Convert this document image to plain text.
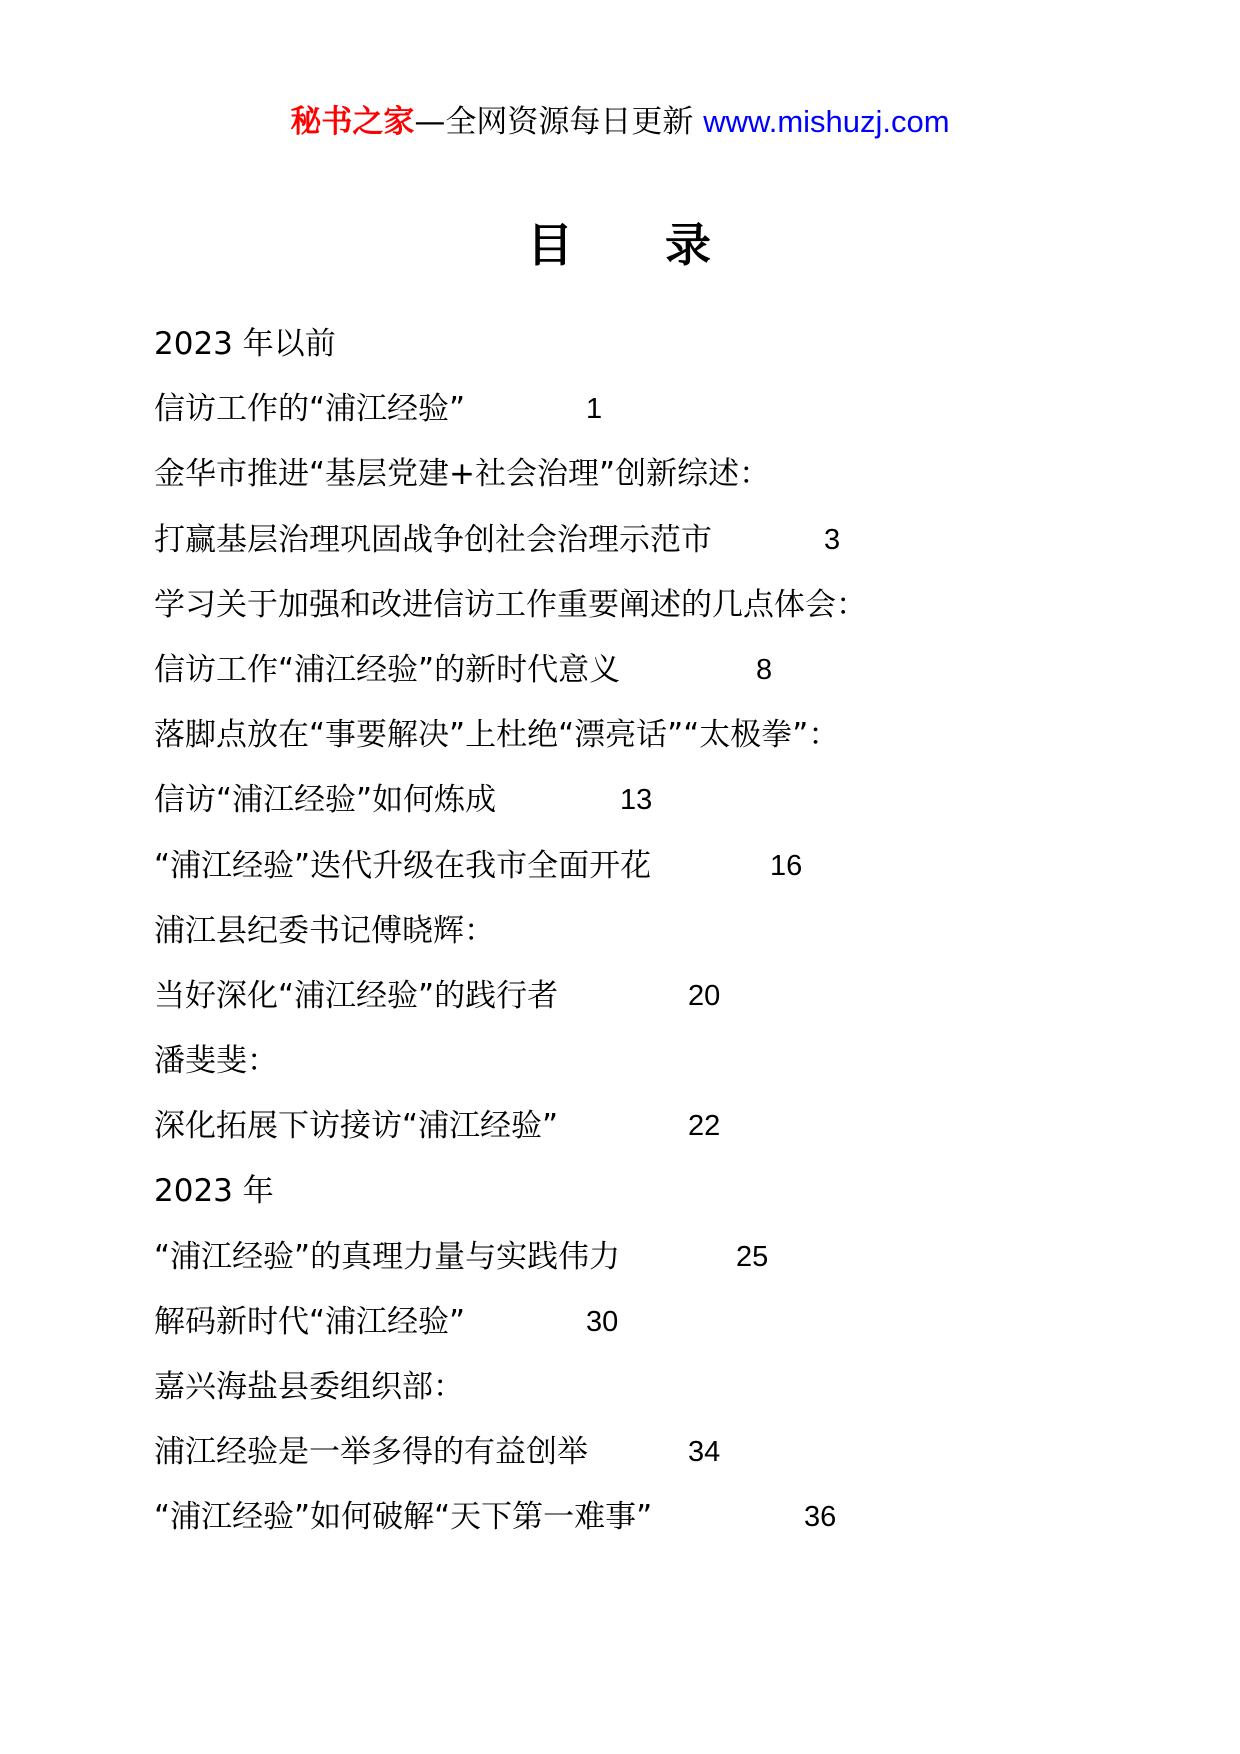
秘书之家—全网资源每日更新 www.mishuzj.com
目 录
2023 年以前
信访工作的“浦江经验”	1
金华市推进“基层党建+社会治理”创新综述：
打赢基层治理巩固战争创社会治理示范市	3
学习关于加强和改进信访工作重要阐述的几点体会：
信访工作“浦江经验”的新时代意义	8
落脚点放在“事要解决”上杜绝“漂亮话”“太极拳”：
信访“浦江经验”如何炼成	13
“浦江经验”迭代升级在我市全面开花	16
浦江县纪委书记傅晓辉：
当好深化“浦江经验”的践行者	20
潘斐斐：
深化拓展下访接访“浦江经验”	22
2023 年
“浦江经验”的真理力量与实践伟力	25
解码新时代“浦江经验”	30
嘉兴海盐县委组织部：
浦江经验是一举多得的有益创举	34
“浦江经验”如何破解“天下第一难事”	36
